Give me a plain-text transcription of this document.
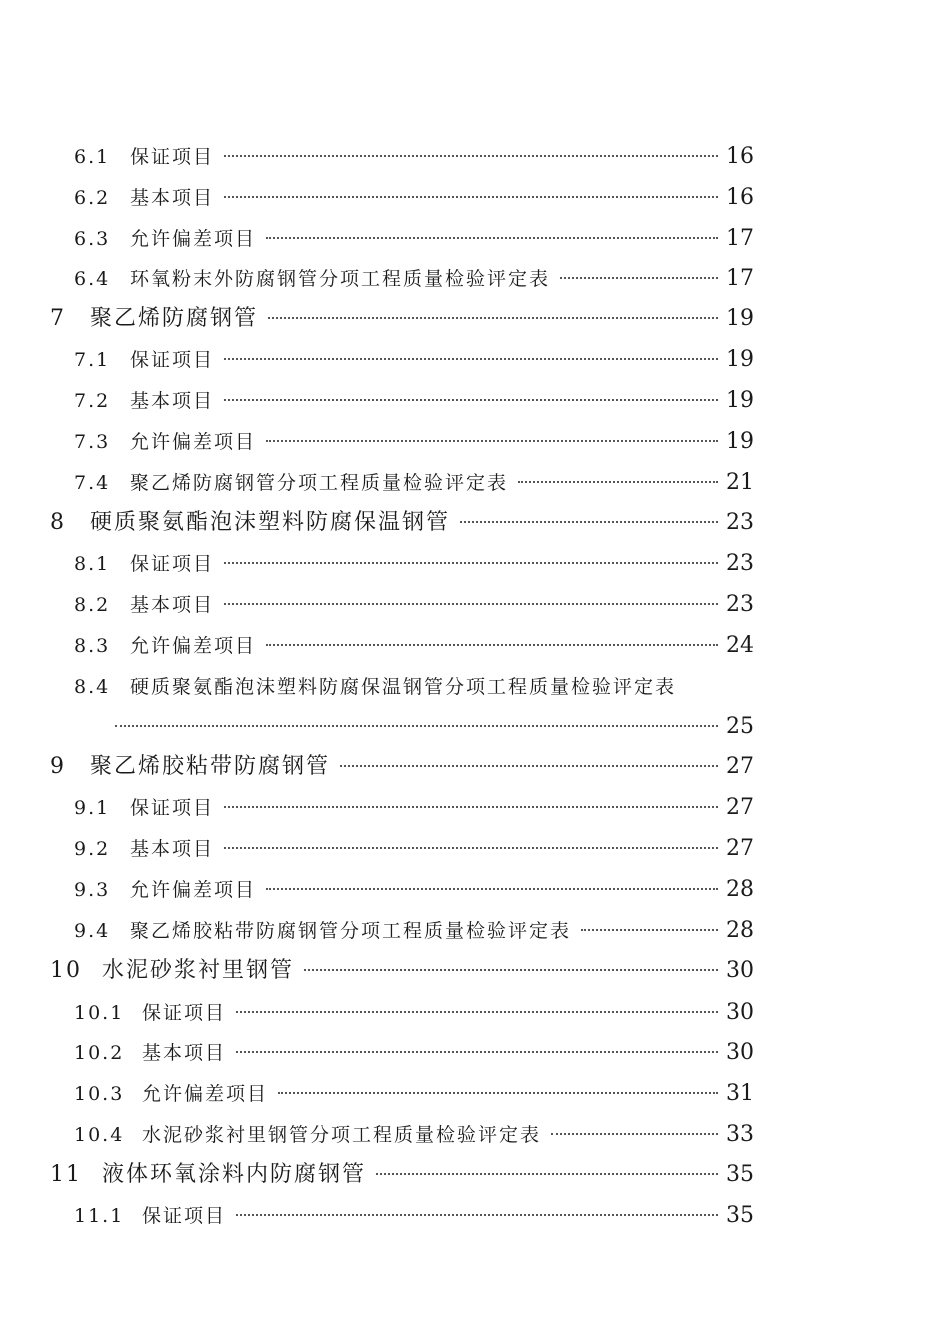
6.1	保证项目	16
6.2	基本项目	16
6.3	允许偏差项目	17
6.4	环氧粉末外防腐钢管分项工程质量检验评定表	17
7	聚乙烯防腐钢管	19
7.1	保证项目	19
7.2	基本项目	19
7.3	允许偏差项目	19
7.4	聚乙烯防腐钢管分项工程质量检验评定表	21
8	硬质聚氨酯泡沫塑料防腐保温钢管	23
8.1	保证项目	23
8.2	基本项目	23
8.3	允许偏差项目	24
8.4 硬质聚氨酯泡沫塑料防腐保温钢管分项工程质量检验评定表
25
9	聚乙烯胶粘带防腐钢管	27
9.1	保证项目	27
9.2	基本项目	27
9.3	允许偏差项目	28
9.4	聚乙烯胶粘带防腐钢管分项工程质量检验评定表	28
10 水泥砂浆衬里钢管	30
10.1 保证项目	30
10.2 基本项目	30
10.3 允许偏差项目	31
10.4 水泥砂浆衬里钢管分项工程质量检验评定表	33
11 液体环氧涂料内防腐钢管	35
11.1 保证项目	35
